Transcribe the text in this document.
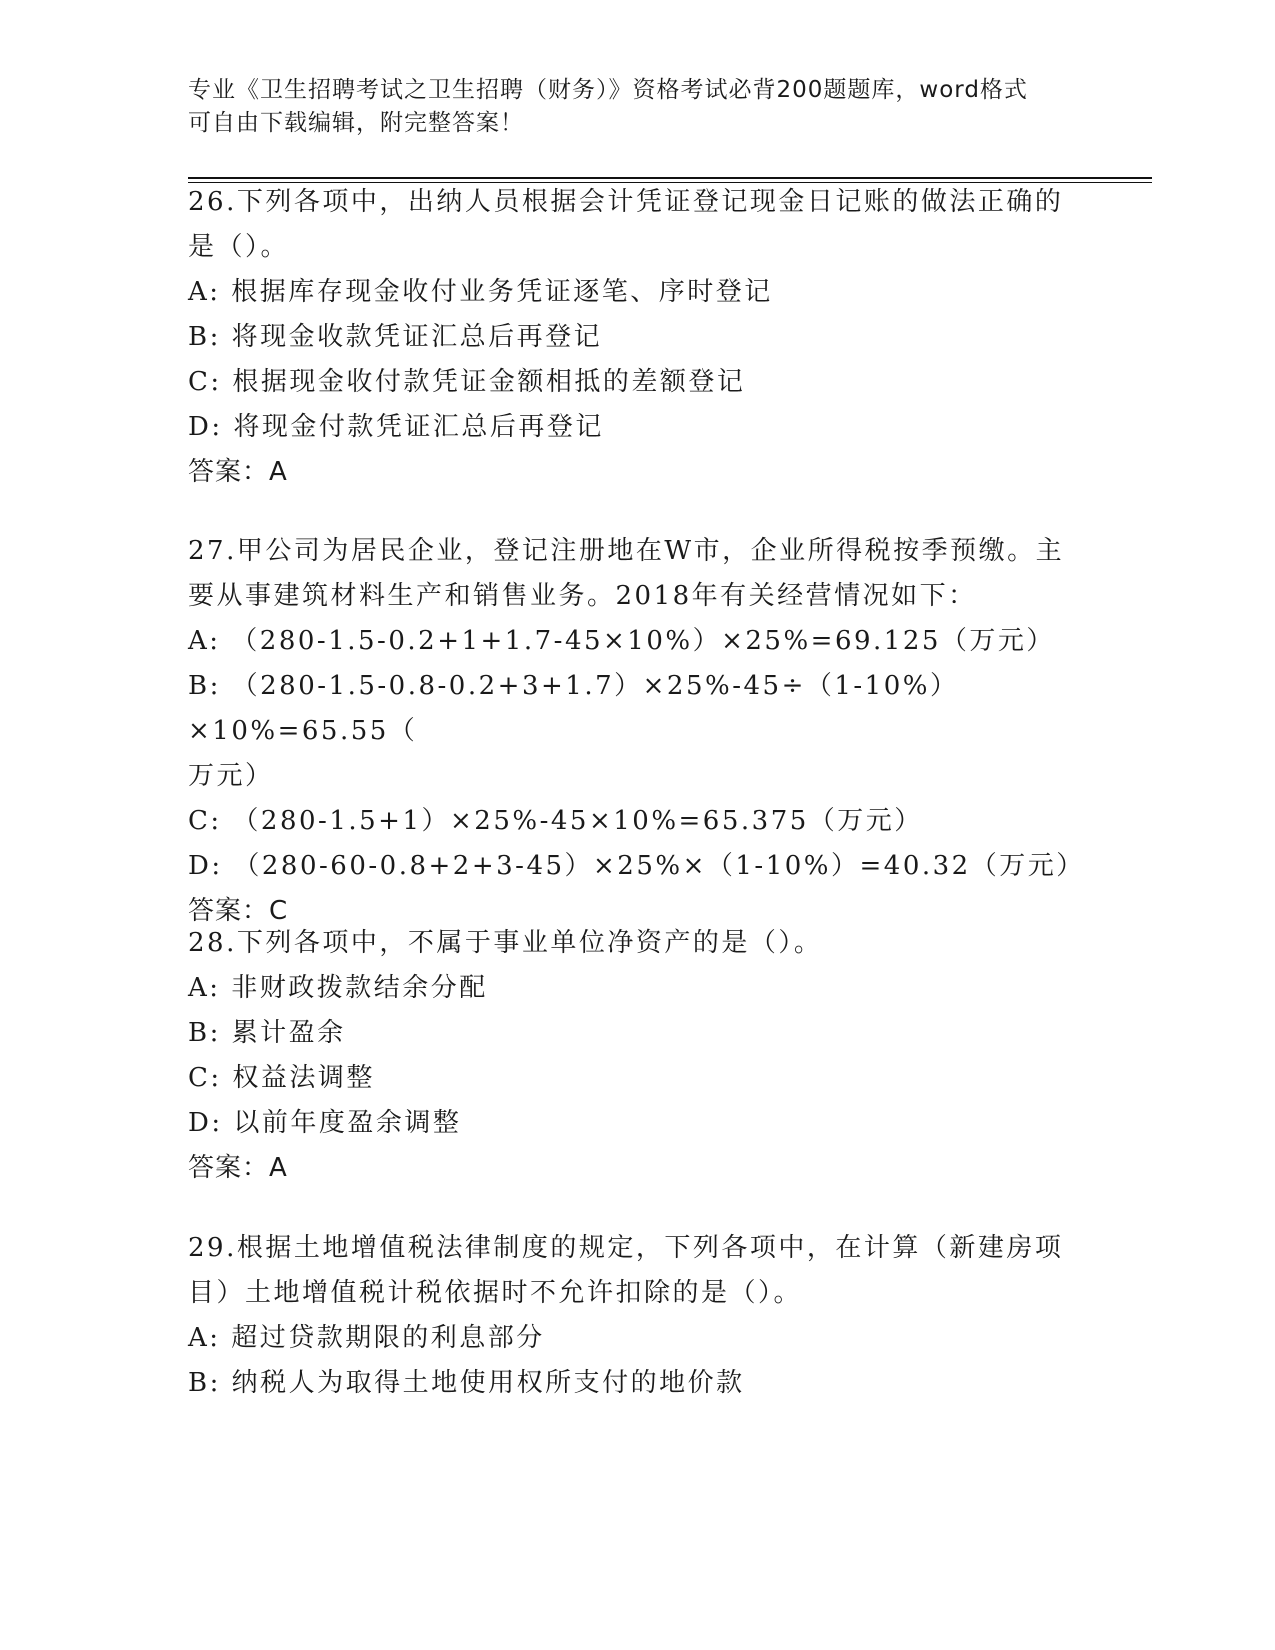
专业《卫生招聘考试之卫生招聘（财务）》资格考试必背200题题库，word格式

可自由下载编辑，附完整答案！

26.下列各项中，出纳人员根据会计凭证登记现金日记账的做法正确的

是（）。

A: 根据库存现金收付业务凭证逐笔、序时登记

B: 将现金收款凭证汇总后再登记

C: 根据现金收付款凭证金额相抵的差额登记

D: 将现金付款凭证汇总后再登记

答案：A

27.甲公司为居民企业，登记注册地在W市，企业所得税按季预缴。主

要从事建筑材料生产和销售业务。2018年有关经营情况如下：

A: （280-1.5-0.2+1+1.7-45×10%）×25%=69.125（万元）

B: （280-1.5-0.8-0.2+3+1.7）×25%-45÷（1-10%）×10%=65.55（

万元）

C: （280-1.5+1）×25%-45×10%=65.375（万元）

D: （280-60-0.8+2+3-45）×25%×（1-10%）=40.32（万元）

答案：C

28.下列各项中，不属于事业单位净资产的是（）。

A: 非财政拨款结余分配

B: 累计盈余

C: 权益法调整

D: 以前年度盈余调整

答案：A

29.根据土地增值税法律制度的规定，下列各项中，在计算（新建房项

目）土地增值税计税依据时不允许扣除的是（）。

A: 超过贷款期限的利息部分

B: 纳税人为取得土地使用权所支付的地价款
